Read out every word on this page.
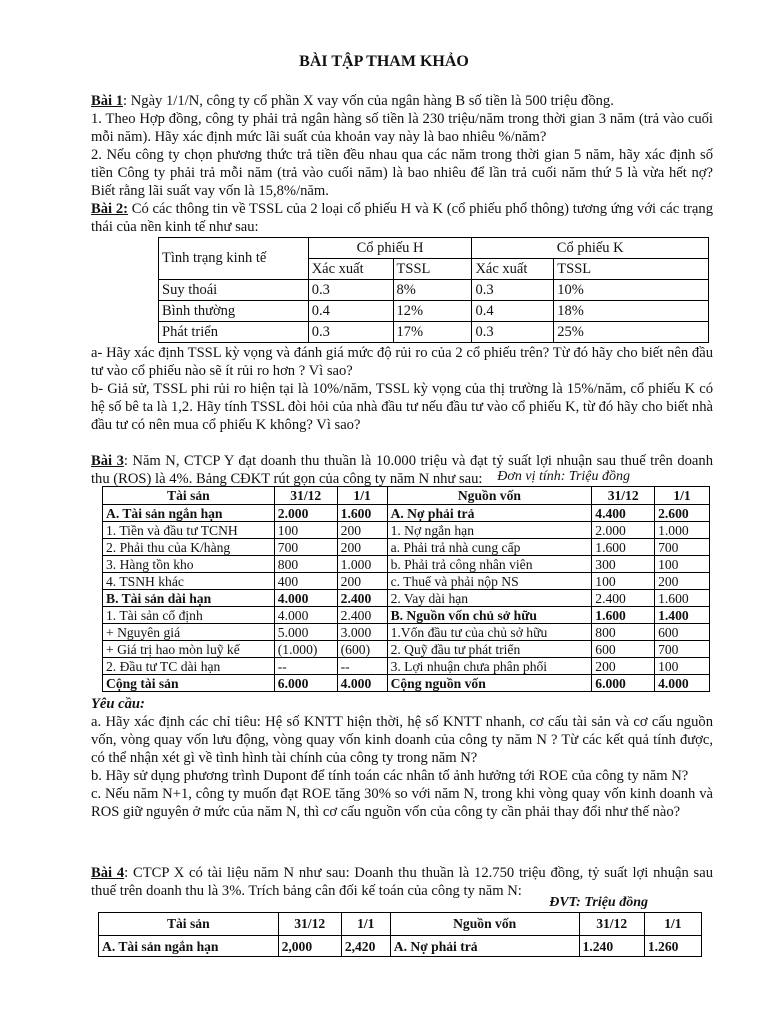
BÀI TẬP THAM KHẢO
Bài 1: Ngày 1/1/N, công ty cổ phần X vay vốn của ngân hàng B số tiền là 500 triệu đồng.
1. Theo Hợp đồng, công ty phải trả ngân hàng số tiền là 230 triệu/năm trong thời gian 3 năm (trả vào cuối mỗi năm). Hãy xác định mức lãi suất của khoản vay này là bao nhiêu %/năm?
2. Nếu công ty chọn phương thức trả tiền đều nhau qua các năm trong thời gian 5 năm, hãy xác định số tiền Công ty phải trả mỗi năm (trả vào cuối năm) là bao nhiêu để lần trả cuối năm thứ 5 là vừa hết nợ? Biết rằng lãi suất vay vốn là 15,8%/năm.
Bài 2: Có các thông tin về TSSL của 2 loại cổ phiếu H và K (cổ phiếu phổ thông) tương ứng với các trạng thái của nền kinh tế như sau:
Tình trạng kinh tế	Cổ phiếu H		Cổ phiếu K	
	Xác xuất	TSSL	Xác xuất	TSSL
Suy thoái	0.3	8%	0.3	10%
Bình thường	0.4	12%	0.4	18%
Phát triển	0.3	17%	0.3	25%
a- Hãy xác định TSSL kỳ vọng và đánh giá mức độ rủi ro của 2 cổ phiếu trên? Từ đó hãy cho biết nên đầu tư vào cổ phiếu nào sẽ ít rủi ro hơn ? Vì sao?
b- Giả sử, TSSL phi rủi ro hiện tại là 10%/năm, TSSL kỳ vọng của thị trường là 15%/năm, cổ phiếu K có hệ số bê ta là 1,2. Hãy tính TSSL đòi hỏi của nhà đầu tư nếu đầu tư vào cổ phiếu K, từ đó hãy cho biết nhà đầu tư có nên mua cổ phiếu K không? Vì sao?
Bài 3: Năm N, CTCP Y đạt doanh thu thuần là 10.000 triệu và đạt tỷ suất lợi nhuận sau thuế trên doanh thu (ROS) là 4%. Bảng CĐKT rút gọn của công ty năm N như sau:	Đơn vị tính: Triệu đồng
Tài sản	31/12	1/1	Nguồn vốn	31/12	1/1
A. Tài sản ngắn hạn	2.000	1.600	A. Nợ phải trả	4.400	2.600
1. Tiền và đầu tư TCNH	100	200	1. Nợ ngắn hạn	2.000	1.000
2. Phải thu của K/hàng	700	200	a. Phải trả nhà cung cấp	1.600	700
3. Hàng tồn kho	800	1.000	b. Phải trả công nhân viên	300	100
4. TSNH khác	400	200	c. Thuế và phải nộp NS	100	200
B. Tài sản dài hạn	4.000	2.400	2. Vay dài hạn	2.400	1.600
1. Tài sản cố định	4.000	2.400	B. Nguồn vốn chủ sở hữu	1.600	1.400
+ Nguyên giá	5.000	3.000	1.Vốn đầu tư của chủ sở hữu	800	600
+ Giá trị hao mòn luỹ kế	(1.000)	(600)	2. Quỹ đầu tư phát triển	600	700
2. Đầu tư TC dài hạn	--	--	3. Lợi nhuận chưa phân phối	200	100
Cộng tài sản	6.000	4.000	Cộng nguồn vốn	6.000	4.000
Yêu cầu:
a. Hãy xác định các chỉ tiêu: Hệ số KNTT hiện thời, hệ số KNTT nhanh, cơ cấu tài sản và cơ cấu nguồn vốn, vòng quay vốn lưu động, vòng quay vốn kinh doanh của công ty năm N ? Từ các kết quả tính được, có thể nhận xét gì về tình hình tài chính của công ty trong năm N?
b. Hãy sử dụng phương trình Dupont để tính toán các nhân tố ảnh hưởng tới ROE của công ty năm N?
c. Nếu năm N+1, công ty muốn đạt ROE tăng 30% so với năm N, trong khi vòng quay vốn kinh doanh và ROS giữ nguyên ở mức của năm N, thì cơ cấu nguồn vốn của công ty cần phải thay đổi như thế nào?
Bài 4: CTCP X có tài liệu năm N như sau: Doanh thu thuần là 12.750 triệu đồng, tỷ suất lợi nhuận sau thuế trên doanh thu là 3%. Trích bảng cân đối kế toán của công ty năm N:
ĐVT: Triệu đồng
Tài sản	31/12	1/1	Nguồn vốn	31/12	1/1
A. Tài sản ngắn hạn	2,000	2,420	A. Nợ phải trả	1.240	1.260
